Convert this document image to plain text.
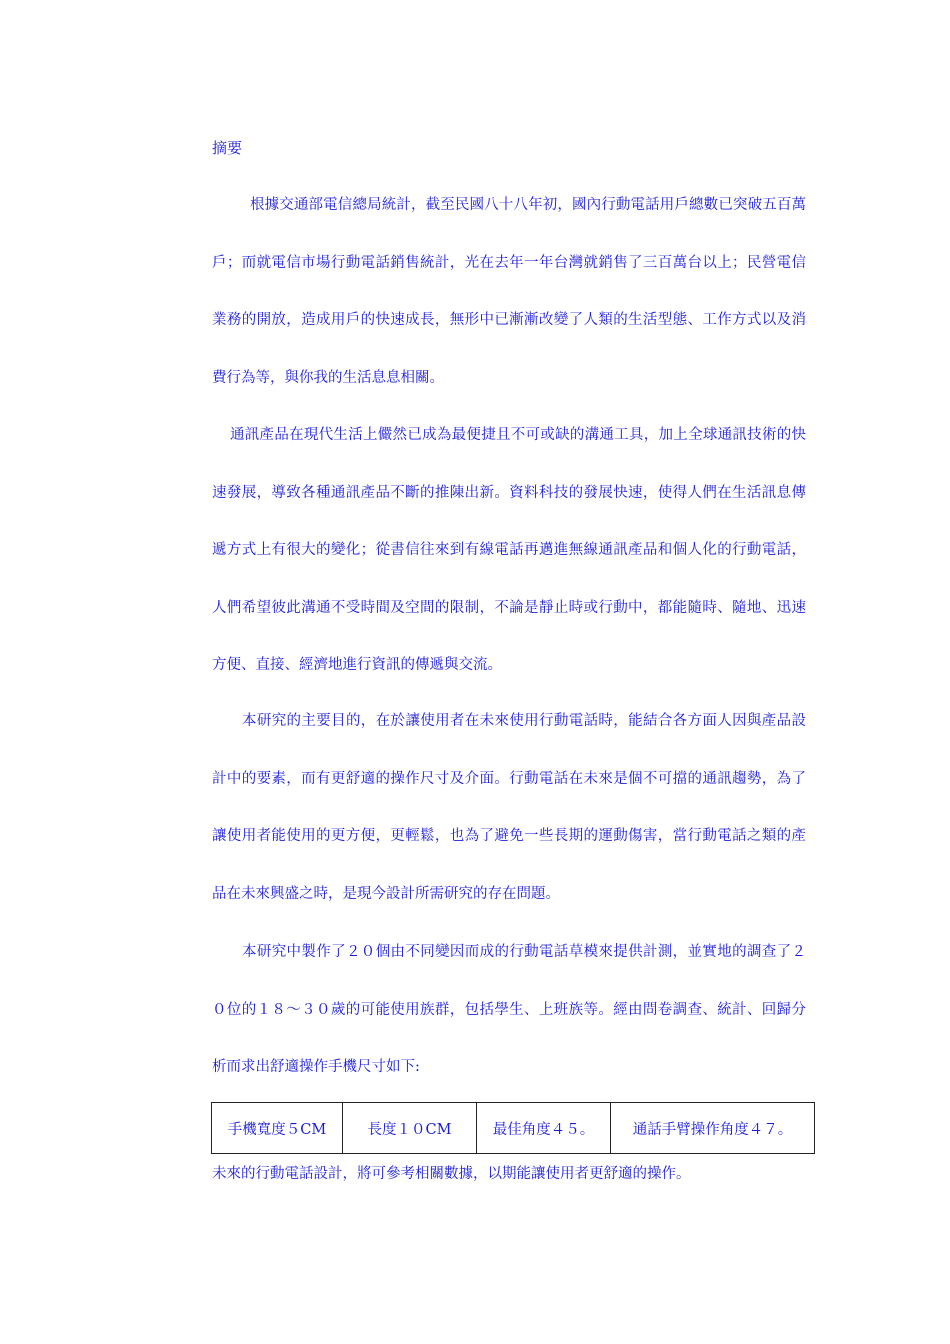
摘要

根據交通部電信總局統計，截至民國八十八年初，國內行動電話用戶總數已突破五百萬戶；而就電信市場行動電話銷售統計，光在去年一年台灣就銷售了三百萬台以上；民營電信業務的開放，造成用戶的快速成長，無形中已漸漸改變了人類的生活型態、工作方式以及消費行為等，與你我的生活息息相關。

通訊產品在現代生活上儼然已成為最便捷且不可或缺的溝通工具，加上全球通訊技術的快速發展，導致各種通訊產品不斷的推陳出新。資料科技的發展快速，使得人們在生活訊息傳遞方式上有很大的變化；從書信往來到有線電話再邁進無線通訊產品和個人化的行動電話，人們希望彼此溝通不受時間及空間的限制，不論是靜止時或行動中，都能隨時、隨地、迅速方便、直接、經濟地進行資訊的傳遞與交流。

本研究的主要目的，在於讓使用者在未來使用行動電話時，能結合各方面人因與產品設計中的要素，而有更舒適的操作尺寸及介面。行動電話在未來是個不可擋的通訊趨勢，為了讓使用者能使用的更方便，更輕鬆，也為了避免一些長期的運動傷害，當行動電話之類的產品在未來興盛之時，是現今設計所需研究的存在問題。

本研究中製作了２０個由不同變因而成的行動電話草模來提供計測，並實地的調查了２０位的１８～３０歲的可能使用族群，包括學生、上班族等。經由問卷調查、統計、回歸分析而求出舒適操作手機尺寸如下:

手機寬度５CM	長度１０CM	最佳角度４５。	通話手臂操作角度４７。

未來的行動電話設計，將可參考相關數據，以期能讓使用者更舒適的操作。
